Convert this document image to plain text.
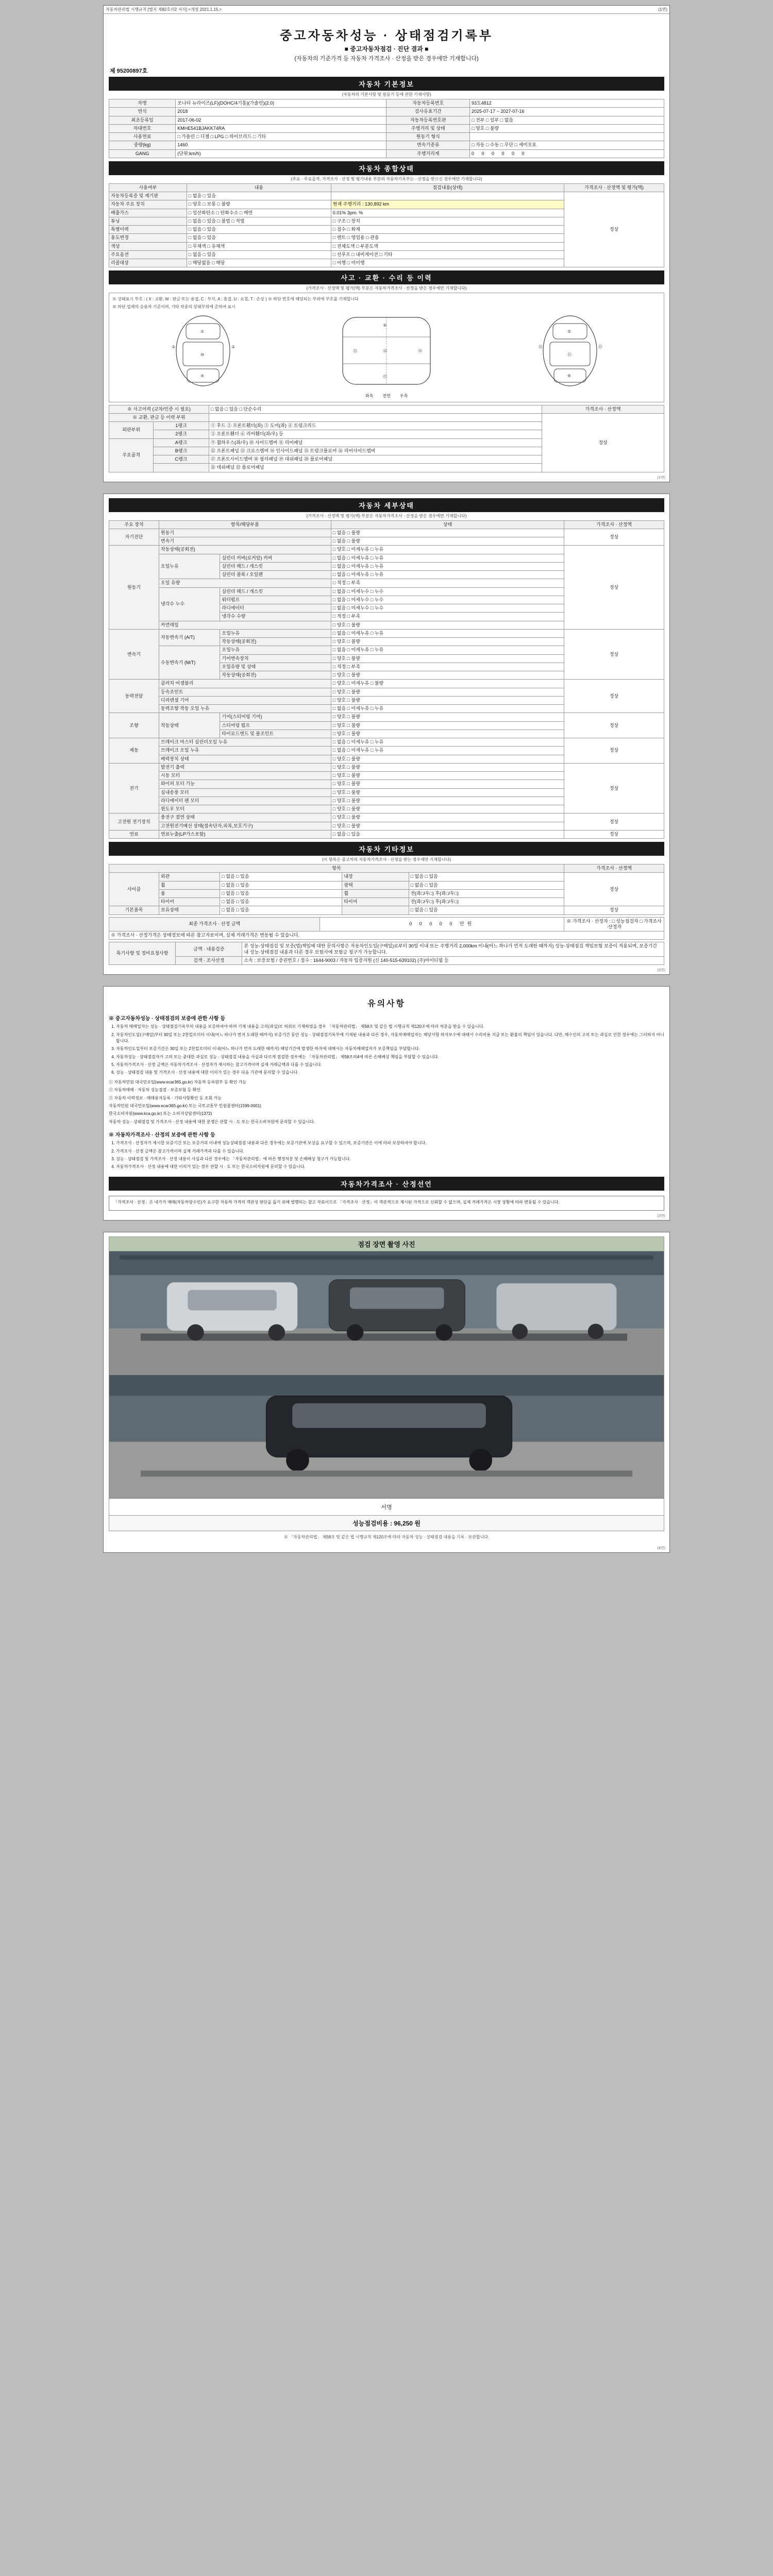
자동차관리법 시행규칙 [별지 제82호의2 서식] <개정 2021.1.15.>	(1면)
중고자동차성능 · 상태점검기록부
■ 중고자동차점검 · 진단 결과 ■
(자동차의 기준가격 등 자동차 가격조사 · 산정을 받은 경우에만 기재합니다)
제 95200897호
자동차 기본정보
(자동차의 기본사항 및 원동기 등에 관한 기재사항)
차명	쏘나타 뉴라이즈(LF)(DOHC/4기통)(가솔린)(2.0)	자동차등록번호	93도4812
연식	2018	검사유효기간	2025-07-17 ~ 2027-07-16
최초등록일	2017-06-02	자동차등록번호판	□ 전부 □ 일부 □ 없음
차대번호	KMHE541BJAKK74RA	주행거리 및 상태	□ 양호 □ 불량
사용연료	□ 가솔린 □ 디젤 □ LPG □ 하이브리드 □ 기타	원동기 형식	
중량(kg)	1460	변속기종류	□ 자동 □ 수동 □ 무단 □ 세미오토
GANG	(단위:km/h)	주행거리계	0 0 0 0 0 0
자동차 종합상태
(주요 · 주요골격, 가격조사 · 산정 및 평가내용 부분의 자동차기록부는 · 산정을 받으신 경우에만 기재합니다)
사용여부	내용	점검내용(상태)	가격조사 · 산정액 및 평가(액)
자동차등록증 및 계기판	□ 없음 □ 있음		정상
자동차 주요 장치	□ 양호 □ 보통 □ 불량	현재 주행거리 : 130,892 km	
배출가스	□ 일산화탄소 □ 탄화수소 □ 매연	0.01% 3pm. %	
튜닝	□ 없음 □ 있음 □ 불법 □ 적법	□ 구조 □ 장치	
특별이력	□ 없음 □ 있음	□ 침수 □ 화재	
용도변경	□ 없음 □ 있음	□ 렌트 □ 영업용 □ 관용	
색상	□ 무채색 □ 유채색	□ 전체도색 □ 부분도색	
주요옵션	□ 없음 □ 있음	□ 선루프 □ 내비게이션 □ 기타	
리콜대상	□ 해당없음 □ 해당	□ 이행 □ 미이행	
사고 · 교환 · 수리 등 이력
(가격조사 · 산정액 및 평가(액) 부분은 자동차가격조사 · 산정을 받은 경우에만 기재합니다)
※ 상태표시 부호 : ( X : 교환, W : 판금 또는 용접, C : 부식, A : 흠집, U : 요철, T : 손상 ) ※ 하단 번호에 해당되는 부위에 부호를 기재합니다
※ 하단 업체의 승용차 기준이며, 기타 차종의 상태부위에 준하여 표시
①
⑩
④
②	②
⑨
⑯
⑰
⑬	⑭
⑤
⑪
⑥
⑫	⑫
좌측 전면 우측
※ 사고이력 (교차/인증 시 필요)		□ 없음 □ 있음 □ 단순수리	가격조사 · 산정액
※ 교환, 판금 등 이력 부위			정상
외판부위	1랭크	① 후드 ② 프론트휀더(좌) ③ 도어(좌) ④ 트렁크리드	
	2랭크	⑤ 프론트휀더 ⑥ 리어휀더(좌/우) 등	
주요골격	A랭크	⑨ 휠하우스(좌/우) ⑩ 사이드멤버 ⑪ 리어패널	
	B랭크	⑫ 프론트패널 ⑬ 크로스멤버 ⑭ 인사이드패널 ⑮ 트렁크플로어 ⑯ 리어사이드멤버	
	C랭크	⑰ 프론트사이드멤버 ⑱ 필러패널 ⑲ 대쉬패널 ⑳ 플로어패널	
		㉑ 데쉬패널 ㉒ 플로어패널	
(1면)
자동차 세부상태
(가격조사 · 산정액 및 평가(액) 부분은 자동차가격조사 · 산정을 받은 경우에만 기재합니다)
주요 장치	항목/해당부품		상태	가격조사 · 산정액
자기진단	원동기		□ 없음 □ 불량	정상
	변속기		□ 없음 □ 불량	
원동기	작동상태(공회전)		□ 양호 □ 미세누유 □ 누유	정상
	오일누유	실린더 커버(로커암) 커버	□ 없음 □ 미세누유 □ 누유	
		실린더 헤드 / 개스킷	□ 없음 □ 미세누유 □ 누유	
		실린더 블록 / 오일팬	□ 없음 □ 미세누유 □ 누유	
	오일 유량		□ 적정 □ 부족	
	냉각수 누수	실린더 헤드 / 개스킷	□ 없음 □ 미세누수 □ 누수	
		워터펌프	□ 없음 □ 미세누수 □ 누수	
		라디에이터	□ 없음 □ 미세누수 □ 누수	
		냉각수 수량	□ 적정 □ 부족	
	커먼레일		□ 양호 □ 불량	
변속기	자동변속기 (A/T)	오일누유	□ 없음 □ 미세누유 □ 누유	정상
		작동상태(공회전)	□ 양호 □ 불량	
	수동변속기 (M/T)	오일누유	□ 없음 □ 미세누유 □ 누유	
		기어변속장치	□ 양호 □ 불량	
		오일유량 및 상태	□ 적정 □ 부족	
		작동상태(공회전)	□ 양호 □ 불량	
동력전달	클러치 어셈블리		□ 양호 □ 미세누유 □ 불량	정상
	등속조인트		□ 양호 □ 불량	
	디퍼렌셜 기어		□ 양호 □ 불량	
	동력조향 작동 오일 누유		□ 없음 □ 미세누유 □ 누유	
조향	작동상태	기어(스티어링 기어)	□ 양호 □ 불량	정상
		스티어링 펌프	□ 양호 □ 불량	
		타이로드엔드 및 볼조인트	□ 양호 □ 불량	
제동	브레이크 마스터 실린더오일 누유		□ 없음 □ 미세누유 □ 누유	정상
	브레이크 오일 누유		□ 없음 □ 미세누유 □ 누유	
	배력장치 상태		□ 양호 □ 불량	
전기	발전기 출력		□ 양호 □ 불량	정상
	시동 모터		□ 양호 □ 불량	
	와이퍼 모터 기능		□ 양호 □ 불량	
	실내송풍 모터		□ 양호 □ 불량	
	라디에이터 팬 모터		□ 양호 □ 불량	
	윈도우 모터		□ 양호 □ 불량	
고전원 전기장치	충전구 절연 상태		□ 양호 □ 불량	정상
	고전원전기배선 상태(접속단자,피복,보호기구)		□ 양호 □ 불량	
연료	연료누출(LP가스포함)		□ 없음 □ 있음	정상
자동차 기타정보
(이 항목은 중고차의 자동차가격조사 · 산정을 받는 경우에만 기재합니다)
항목					가격조사 · 산정액
사이클	외관	□ 없음 □ 있음	내장	□ 없음 □ 있음	정상
	휠	□ 없음 □ 있음	광택	□ 없음 □ 있음	
	룸	□ 없음 □ 있음	휠	전(좌□/우□) 후(좌□/우□)	
	타이어	□ 없음 □ 있음	타이어	전(좌□/우□) 후(좌□/우□)	
기본품목	보유상태	□ 없음 □ 있음		□ 없음 □ 있음	정상
최종 가격조사 · 산정 금액	0 0 0 0 0 만원	※ 가격조사 · 산정자 : □ 성능점검자 □ 가격조사·산정자
※ 가격조사 · 산정가격은 상태정보에 따른 참고자료이며, 실제 거래가격은 변동될 수 있습니다.
특기사항 및 정비요청사항	금액 · 내용검증	본 성능·상태점검 및 보증(법)책임에 대한 문의사항은 자동차인도일(구매일)로부터 30일 이내 또는 주행거리 2,000km 이내(어느 하나가 먼저 도래한 때까지) 성능·상태점검 책임보험 보증이 적용되며, 보증기간 내 성능·상태점검 내용과 다른 경우 보험사에 보험금 청구가 가능합니다.
	검색 · 조사산정	소속 : 보증보험 / 증권번호 / 접수 : 1644-9003 / 자동차 입증지원 (신 140-515-639102) (주)마이티윌 등
(2면)
유의사항
※ 중고자동차성능 · 상태점검의 보증에 관한 사항 등
1. 자동차 매매업자는 성능 · 상태점검기록부의 내용을 보증하여야 하며 기재 내용을 고의(과실)로 허위로 기재하였을 경우 「자동차관리법」 제58조 및 같은 법 시행규칙 제120조에 따라 처분을 받을 수 있습니다.
2. 자동차인도일(구매일)부터 30일 또는 2천킬로미터 이내(어느 하나가 먼저 도래한 때까지) 보증기간 동안 성능 · 상태점검기록부에 기재된 내용과 다른 경우, 자동차매매업자는 해당사항 하자보수에 대해서 수리비용 지급 또는 환불의 책임이 있습니다. 다만, 매수인의 고의 또는 과실로 인한 경우에는 그러하지 아니합니다.
3. 자동차인도일부터 보증기간은 30일 또는 2천킬로미터 이내(어느 하나가 먼저 도래한 때까지) 해당기간에 발생한 하자에 대해서는 자동차매매업자가 보증책임을 부담합니다.
4. 자동차성능 · 상태점검자가 고의 또는 중대한 과실로 성능 · 상태점검 내용을 사실과 다르게 점검한 경우에는 「자동차관리법」 제58조의4에 따른 손해배상 책임을 부담할 수 있습니다.
5. 자동차가격조사 · 산정 금액은 자동차가격조사 · 산정자가 제시하는 참고가격이며 실제 거래금액과 다를 수 있습니다.
6. 성능 · 상태점검 내용 및 가격조사 · 산정 내용에 대한 이의가 있는 경우 다음 기관에 문의할 수 있습니다.
① 자동차민원 대국민포털(www.ecar365.go.kr) 자동차 등록원부 등 확인 가능
② 자동차매매 · 자동차 성능점검 · 보증보험 등 확인
③ 자동차 이력정보 · 매매용자등록 · 기타사항확인 등 조회 가능
자동차민원 대국민포털(www.ecar365.go.kr) 또는 국토교통부 민원콜센터(1599-0001)
한국소비자원(www.kca.go.kr) 또는 소비자상담센터(1372)
자동차 성능 · 상태점검 및 가격조사 · 산정 내용에 대한 분쟁은 관할 시 · 도 또는 한국소비자원에 문의할 수 있습니다.
※ 자동차가격조사 · 산정의 보증에 관한 사항 등
1. 가격조사 · 산정자가 제시한 보증기간 또는 보증거리 이내에 성능상태점검 내용과 다른 경우에는 보증기관에 보상을 요구할 수 있으며, 보증기관은 이에 따라 보상하여야 합니다.
2. 가격조사 · 산정 금액은 참고가격이며 실제 거래가격과 다를 수 있습니다.
3. 성능 · 상태점검 및 가격조사 · 산정 내용이 사실과 다른 경우에는 「자동차관리법」에 따른 행정처분 및 손해배상 청구가 가능합니다.
4. 자동차가격조사 · 산정 내용에 대한 이의가 있는 경우 관할 시 · 도 또는 한국소비자원에 문의할 수 있습니다.
자동차가격조사 · 산정선언
「가격조사 · 산정」은 내가가 매매(자동차양수인)가 요구한 자동차 가격의 객관성 판단을 돕기 위해 발행되는 참고 자료이므로 「가격조사 · 산정」이 객관적으로 제시된 가격으로 신뢰할 수 없으며, 실제 거래가격은 시장 상황에 따라 변동될 수 있습니다.
(3면)
점검 장면 촬영 사진
서명
성능점검비용 : 96,250 원
※ 「자동차관리법」 제58조 및 같은 법 시행규칙 제120조에 따라 자동차 성능 · 상태점검 내용을 기록 · 보관합니다.
(4면)
